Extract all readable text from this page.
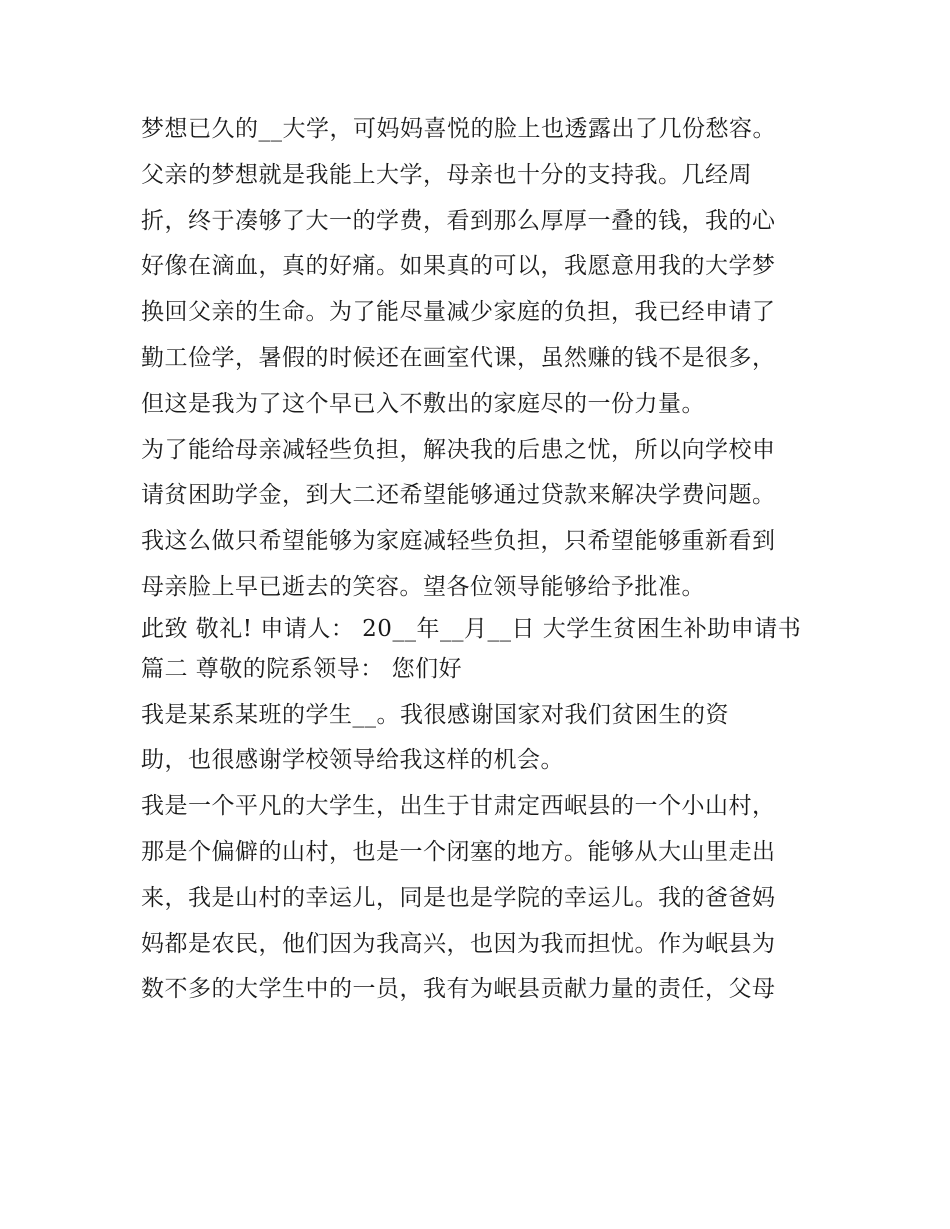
梦想已久的__大学，可妈妈喜悦的脸上也透露出了几份愁容。
父亲的梦想就是我能上大学，母亲也十分的支持我。几经周
折，终于凑够了大一的学费，看到那么厚厚一叠的钱，我的心
好像在滴血，真的好痛。如果真的可以，我愿意用我的大学梦
换回父亲的生命。为了能尽量减少家庭的负担，我已经申请了
勤工俭学，暑假的时候还在画室代课，虽然赚的钱不是很多，
但这是我为了这个早已入不敷出的家庭尽的一份力量。
为了能给母亲减轻些负担，解决我的后患之忧，所以向学校申
请贫困助学金，到大二还希望能够通过贷款来解决学费问题。
我这么做只希望能够为家庭减轻些负担，只希望能够重新看到
母亲脸上早已逝去的笑容。望各位领导能够给予批准。
此致 敬礼! 申请人： 20__年__月__日 大学生贫困生补助申请书
篇二 尊敬的院系领导： 您们好
我是某系某班的学生__。我很感谢国家对我们贫困生的资
助，也很感谢学校领导给我这样的机会。
我是一个平凡的大学生，出生于甘肃定西岷县的一个小山村，
那是个偏僻的山村，也是一个闭塞的地方。能够从大山里走出
来，我是山村的幸运儿，同是也是学院的幸运儿。我的爸爸妈
妈都是农民，他们因为我高兴，也因为我而担忧。作为岷县为
数不多的大学生中的一员，我有为岷县贡献力量的责任，父母
